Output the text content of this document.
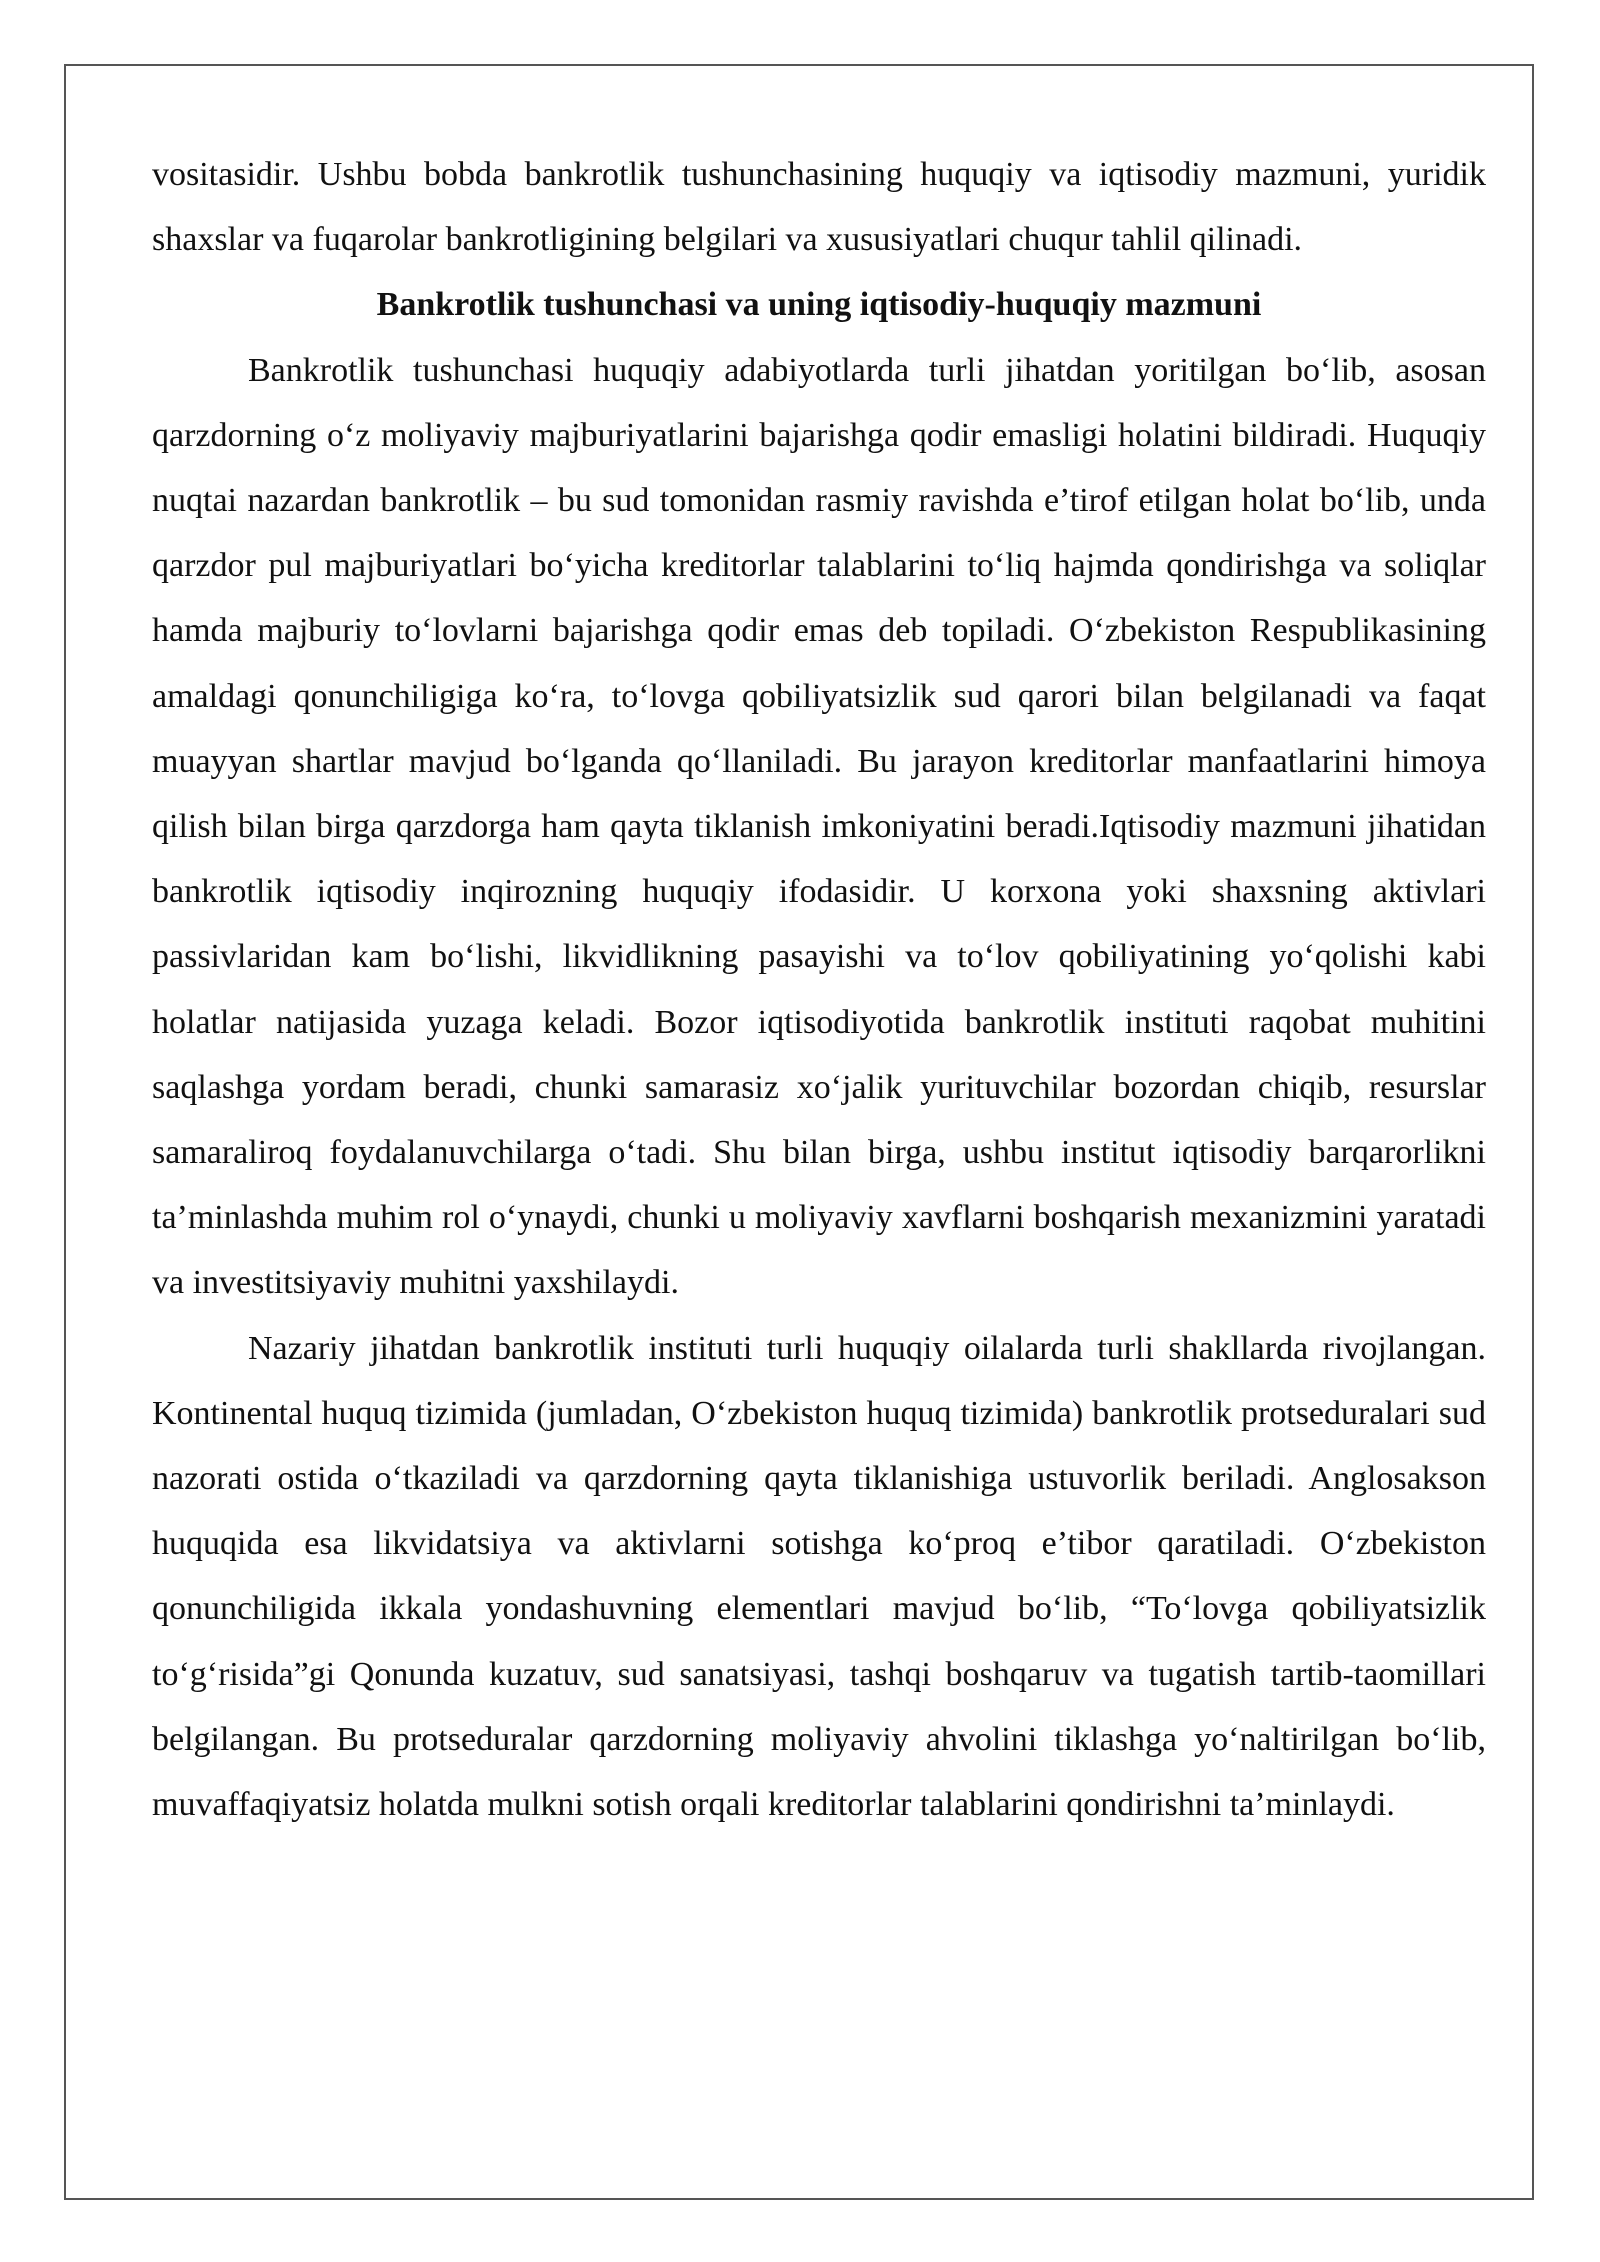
vositasidir. Ushbu bobda bankrotlik tushunchasining huquqiy va iqtisodiy mazmuni, yuridik shaxslar va fuqarolar bankrotligining belgilari va xususiyatlari chuqur tahlil qilinadi.

Bankrotlik tushunchasi va uning iqtisodiy-huquqiy mazmuni

Bankrotlik tushunchasi huquqiy adabiyotlarda turli jihatdan yoritilgan bo‘lib, asosan qarzdorning o‘z moliyaviy majburiyatlarini bajarishga qodir emasligi holatini bildiradi. Huquqiy nuqtai nazardan bankrotlik – bu sud tomonidan rasmiy ravishda e’tirof etilgan holat bo‘lib, unda qarzdor pul majburiyatlari bo‘yicha kreditorlar talablarini to‘liq hajmda qondirishga va soliqlar hamda majburiy to‘lovlarni bajarishga qodir emas deb topiladi. O‘zbekiston Respublikasining amaldagi qonunchiligiga ko‘ra, to‘lovga qobiliyatsizlik sud qarori bilan belgilanadi va faqat muayyan shartlar mavjud bo‘lganda qo‘llaniladi. Bu jarayon kreditorlar manfaatlarini himoya qilish bilan birga qarzdorga ham qayta tiklanish imkoniyatini beradi.Iqtisodiy mazmuni jihatidan bankrotlik iqtisodiy inqirozning huquqiy ifodasidir. U korxona yoki shaxsning aktivlari passivlaridan kam bo‘lishi, likvidlikning pasayishi va to‘lov qobiliyatining yo‘qolishi kabi holatlar natijasida yuzaga keladi. Bozor iqtisodiyotida bankrotlik instituti raqobat muhitini saqlashga yordam beradi, chunki samarasiz xo‘jalik yurituvchilar bozordan chiqib, resurslar samaraliroq foydalanuvchilarga o‘tadi. Shu bilan birga, ushbu institut iqtisodiy barqarorlikni ta’minlashda muhim rol o‘ynaydi, chunki u moliyaviy xavflarni boshqarish mexanizmini yaratadi va investitsiyaviy muhitni yaxshilaydi.

Nazariy jihatdan bankrotlik instituti turli huquqiy oilalarda turli shakllarda rivojlangan. Kontinental huquq tizimida (jumladan, O‘zbekiston huquq tizimida) bankrotlik protseduralari sud nazorati ostida o‘tkaziladi va qarzdorning qayta tiklanishiga ustuvorlik beriladi. Anglosakson huquqida esa likvidatsiya va aktivlarni sotishga ko‘proq e’tibor qaratiladi. O‘zbekiston qonunchiligida ikkala yondashuvning elementlari mavjud bo‘lib, “To‘lovga qobiliyatsizlik to‘g‘risida”gi Qonunda kuzatuv, sud sanatsiyasi, tashqi boshqaruv va tugatish tartib-taomillari belgilangan. Bu protseduralar qarzdorning moliyaviy ahvolini tiklashga yo‘naltirilgan bo‘lib, muvaffaqiyatsiz holatda mulkni sotish orqali kreditorlar talablarini qondirishni ta’minlaydi.
